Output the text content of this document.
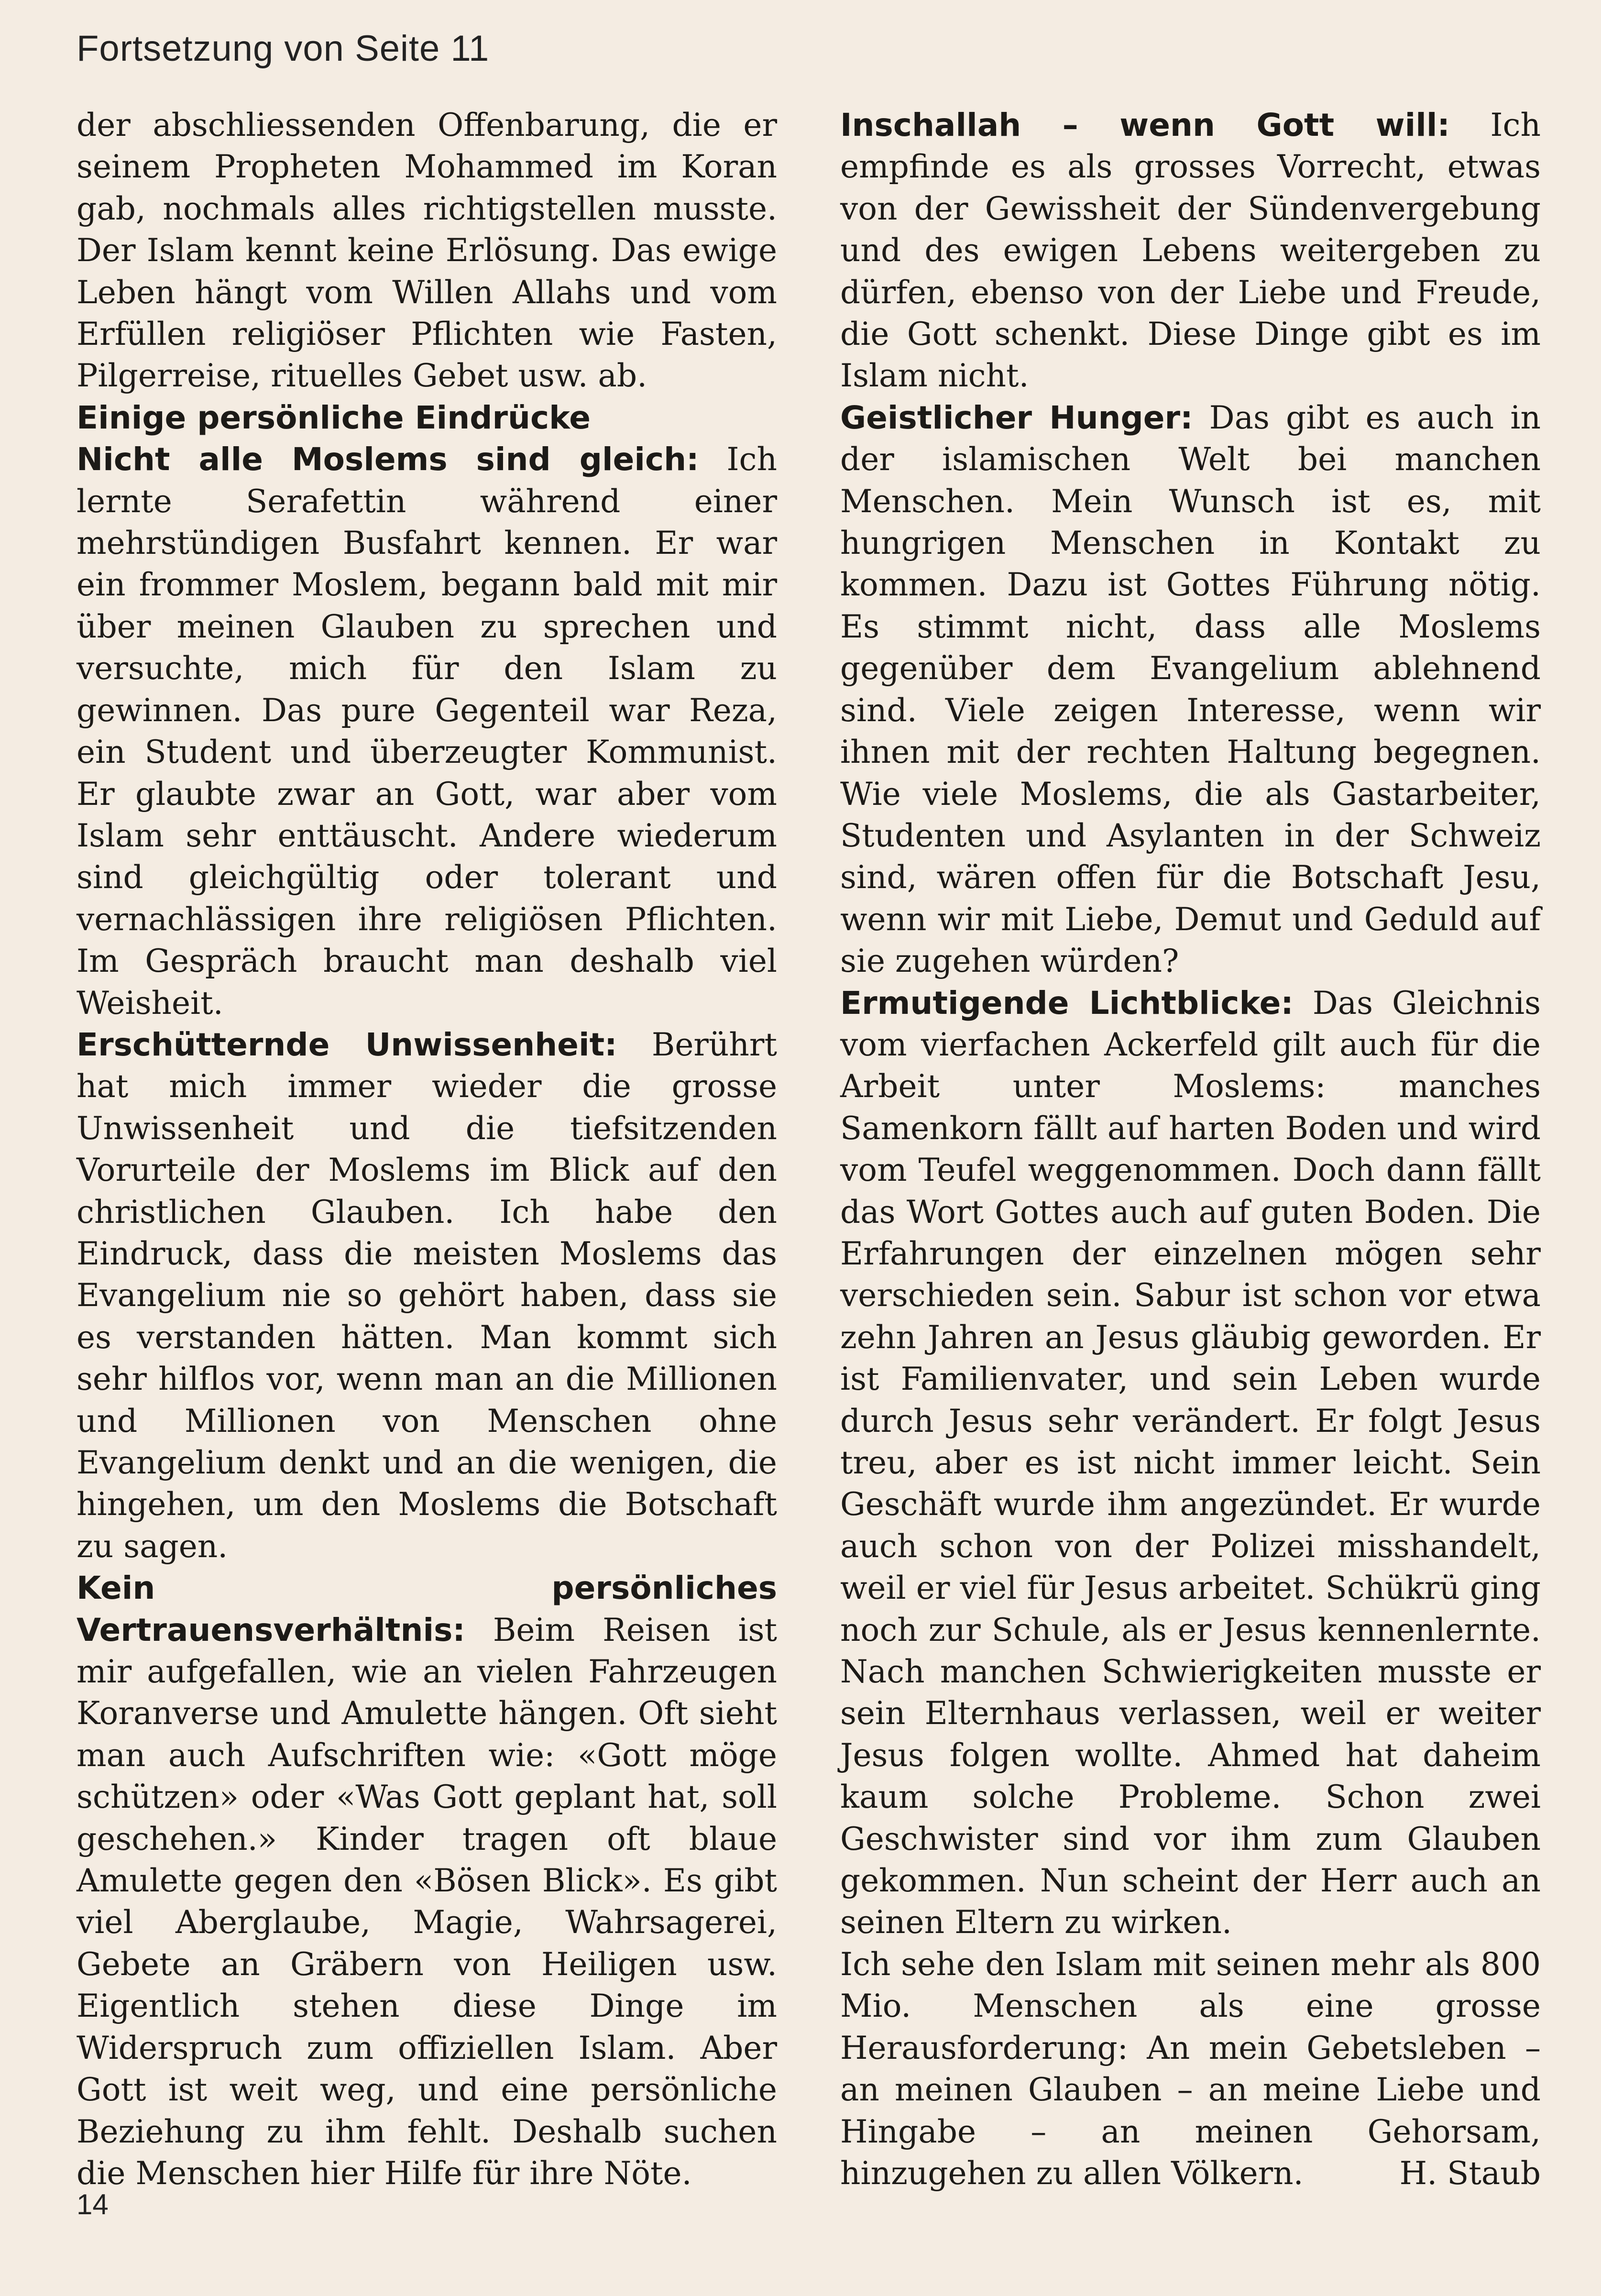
Fortsetzung von Seite 11

der abschliessenden Offenbarung, die er seinem Propheten Mohammed im Koran gab, nochmals alles richtigstellen musste. Der Islam kennt keine Erlösung. Das ewige Leben hängt vom Willen Allahs und vom Erfüllen religiöser Pflichten wie Fasten, Pilgerreise, rituelles Gebet usw. ab.

Einige persönliche Eindrücke

Nicht alle Moslems sind gleich: Ich lernte Serafettin während einer mehrstündigen Busfahrt kennen. Er war ein frommer Moslem, begann bald mit mir über meinen Glauben zu sprechen und versuchte, mich für den Islam zu gewinnen. Das pure Gegenteil war Reza, ein Student und überzeugter Kommunist. Er glaubte zwar an Gott, war aber vom Islam sehr enttäuscht. Andere wiederum sind gleichgültig oder tolerant und vernachlässigen ihre religiösen Pflichten. Im Gespräch braucht man deshalb viel Weisheit.

Erschütternde Unwissenheit: Berührt hat mich immer wieder die grosse Unwissenheit und die tiefsitzenden Vorurteile der Moslems im Blick auf den christlichen Glauben. Ich habe den Eindruck, dass die meisten Moslems das Evangelium nie so gehört haben, dass sie es verstanden hätten. Man kommt sich sehr hilflos vor, wenn man an die Millionen und Millionen von Menschen ohne Evangelium denkt und an die wenigen, die hingehen, um den Moslems die Botschaft zu sagen.

Kein persönliches Vertrauensverhältnis: Beim Reisen ist mir aufgefallen, wie an vielen Fahrzeugen Koranverse und Amulette hängen. Oft sieht man auch Aufschriften wie: «Gott möge schützen» oder «Was Gott geplant hat, soll geschehen.» Kinder tragen oft blaue Amulette gegen den «Bösen Blick». Es gibt viel Aberglaube, Magie, Wahrsagerei, Gebete an Gräbern von Heiligen usw. Eigentlich stehen diese Dinge im Widerspruch zum offiziellen Islam. Aber Gott ist weit weg, und eine persönliche Beziehung zu ihm fehlt. Deshalb suchen die Menschen hier Hilfe für ihre Nöte.

Inschallah – wenn Gott will: Ich empfinde es als grosses Vorrecht, etwas von der Gewissheit der Sündenvergebung und des ewigen Lebens weitergeben zu dürfen, ebenso von der Liebe und Freude, die Gott schenkt. Diese Dinge gibt es im Islam nicht.

Geistlicher Hunger: Das gibt es auch in der islamischen Welt bei manchen Menschen. Mein Wunsch ist es, mit hungrigen Menschen in Kontakt zu kommen. Dazu ist Gottes Führung nötig. Es stimmt nicht, dass alle Moslems gegenüber dem Evangelium ablehnend sind. Viele zeigen Interesse, wenn wir ihnen mit der rechten Haltung begegnen. Wie viele Moslems, die als Gastarbeiter, Studenten und Asylanten in der Schweiz sind, wären offen für die Botschaft Jesu, wenn wir mit Liebe, Demut und Geduld auf sie zugehen würden?

Ermutigende Lichtblicke: Das Gleichnis vom vierfachen Ackerfeld gilt auch für die Arbeit unter Moslems: manches Samenkorn fällt auf harten Boden und wird vom Teufel weggenommen. Doch dann fällt das Wort Gottes auch auf guten Boden. Die Erfahrungen der einzelnen mögen sehr verschieden sein. Sabur ist schon vor etwa zehn Jahren an Jesus gläubig geworden. Er ist Familienvater, und sein Leben wurde durch Jesus sehr verändert. Er folgt Jesus treu, aber es ist nicht immer leicht. Sein Geschäft wurde ihm angezündet. Er wurde auch schon von der Polizei misshandelt, weil er viel für Jesus arbeitet. Schükrü ging noch zur Schule, als er Jesus kennenlernte. Nach manchen Schwierigkeiten musste er sein Elternhaus verlassen, weil er weiter Jesus folgen wollte. Ahmed hat daheim kaum solche Probleme. Schon zwei Geschwister sind vor ihm zum Glauben gekommen. Nun scheint der Herr auch an seinen Eltern zu wirken.

Ich sehe den Islam mit seinen mehr als 800 Mio. Menschen als eine grosse Herausforderung: An mein Gebetsleben – an meinen Glauben – an meine Liebe und Hingabe – an meinen Gehorsam, hinzugehen zu allen Völkern.	H. Staub

14
